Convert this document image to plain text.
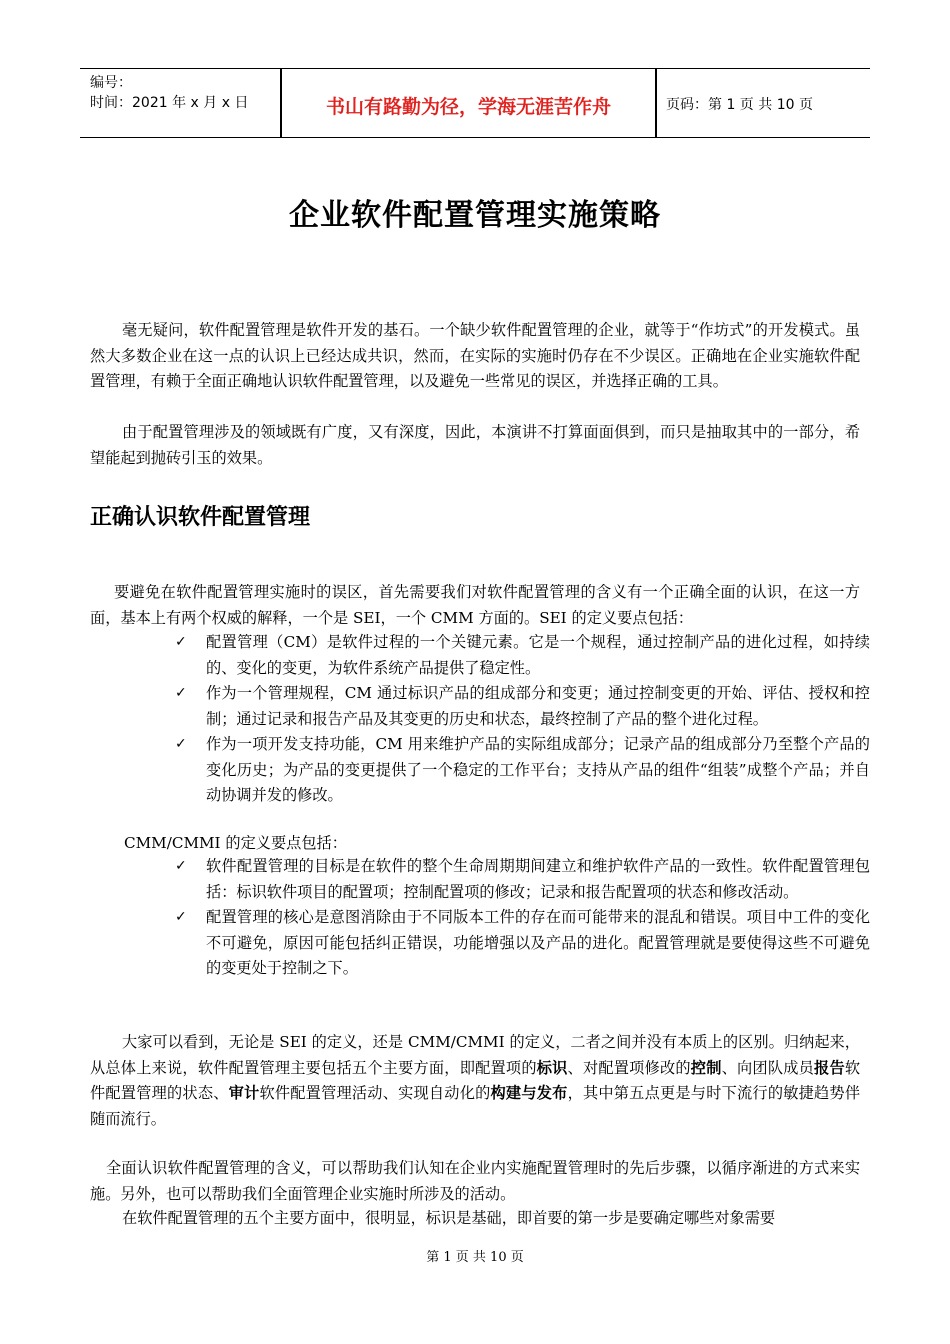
编号：
时间：2021 年 x 月 x 日	书山有路勤为径，学海无涯苦作舟	页码：第 1 页 共 10 页
企业软件配置管理实施策略

毫无疑问，软件配置管理是软件开发的基石。一个缺少软件配置管理的企业，就等于“作坊式”的开发模式。虽然大多数企业在这一点的认识上已经达成共识，然而，在实际的实施时仍存在不少误区。正确地在企业实施软件配置管理，有赖于全面正确地认识软件配置管理，以及避免一些常见的误区，并选择正确的工具。

由于配置管理涉及的领域既有广度，又有深度，因此，本演讲不打算面面俱到，而只是抽取其中的一部分，希望能起到抛砖引玉的效果。

正确认识软件配置管理

要避免在软件配置管理实施时的误区，首先需要我们对软件配置管理的含义有一个正确全面的认识，在这一方面，基本上有两个权威的解释，一个是 SEI，一个 CMM 方面的。SEI 的定义要点包括：

✓ 配置管理（CM）是软件过程的一个关键元素。它是一个规程，通过控制产品的进化过程，如持续的、变化的变更，为软件系统产品提供了稳定性。
✓ 作为一个管理规程，CM 通过标识产品的组成部分和变更；通过控制变更的开始、评估、授权和控制；通过记录和报告产品及其变更的历史和状态，最终控制了产品的整个进化过程。
✓ 作为一项开发支持功能，CM 用来维护产品的实际组成部分；记录产品的组成部分乃至整个产品的变化历史；为产品的变更提供了一个稳定的工作平台；支持从产品的组件“组装”成整个产品；并自动协调并发的修改。
CMM/CMMI 的定义要点包括：
✓ 软件配置管理的目标是在软件的整个生命周期期间建立和维护软件产品的一致性。软件配置管理包括：标识软件项目的配置项；控制配置项的修改；记录和报告配置项的状态和修改活动。
✓ 配置管理的核心是意图消除由于不同版本工件的存在而可能带来的混乱和错误。项目中工件的变化不可避免，原因可能包括纠正错误，功能增强以及产品的进化。配置管理就是要使得这些不可避免的变更处于控制之下。

大家可以看到，无论是 SEI 的定义，还是 CMM/CMMI 的定义，二者之间并没有本质上的区别。归纳起来，从总体上来说，软件配置管理主要包括五个主要方面，即配置项的标识、对配置项修改的控制、向团队成员报告软件配置管理的状态、审计软件配置管理活动、实现自动化的构建与发布，其中第五点更是与时下流行的敏捷趋势伴随而流行。

全面认识软件配置管理的含义，可以帮助我们认知在企业内实施配置管理时的先后步骤，以循序渐进的方式来实施。另外，也可以帮助我们全面管理企业实施时所涉及的活动。

在软件配置管理的五个主要方面中，很明显，标识是基础，即首要的第一步是要确定哪些对象需要

第 1 页 共 10 页
